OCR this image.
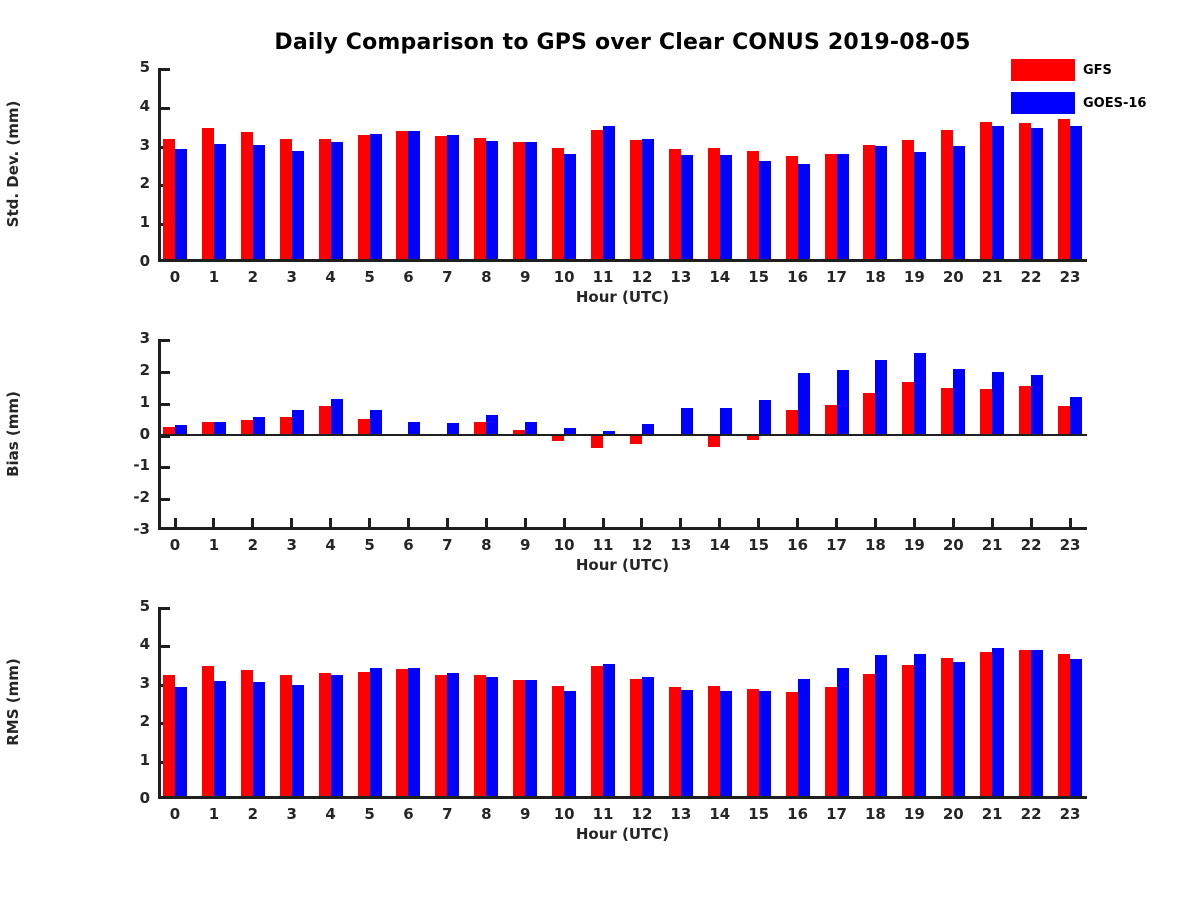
Daily Comparison to GPS over Clear CONUS 2019-08-05
GFS
GOES-16
0
1
2
3
4
5
0	1	2	3	4	5	6	7	8	9	10	11	12	13	14	15	16	17	18	19	20	21	22	23
Hour (UTC)
Std. Dev. (mm)
-3
-2
-1
0
1
2
3
0	1	2	3	4	5	6	7	8	9	10	11	12	13	14	15	16	17	18	19	20	21	22	23
Hour (UTC)
Bias (mm)
0
1
2
3
4
5
0	1	2	3	4	5	6	7	8	9	10	11	12	13	14	15	16	17	18	19	20	21	22	23
Hour (UTC)
RMS (mm)
